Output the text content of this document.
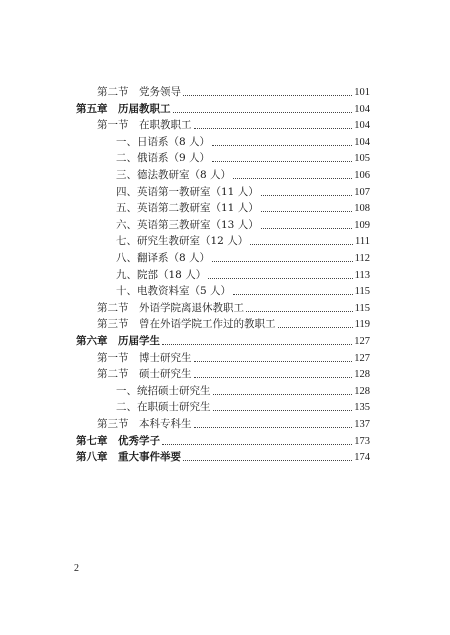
第二节 党务领导	101
第五章 历届教职工	104
第一节 在职教职工	104
一、日语系（8 人）	104
二、俄语系（9 人）	105
三、德法教研室（8 人）	106
四、英语第一教研室（11 人）	107
五、英语第二教研室（11 人）	108
六、英语第三教研室（13 人）	109
七、研究生教研室（12 人）	111
八、翻译系（8 人）	112
九、院部（18 人）	113
十、电教资料室（5 人）	115
第二节 外语学院离退休教职工	115
第三节 曾在外语学院工作过的教职工	119
第六章 历届学生	127
第一节 博士研究生	127
第二节 硕士研究生	128
一、统招硕士研究生	128
二、在职硕士研究生	135
第三节 本科专科生	137
第七章 优秀学子	173
第八章 重大事件举要	174
2
